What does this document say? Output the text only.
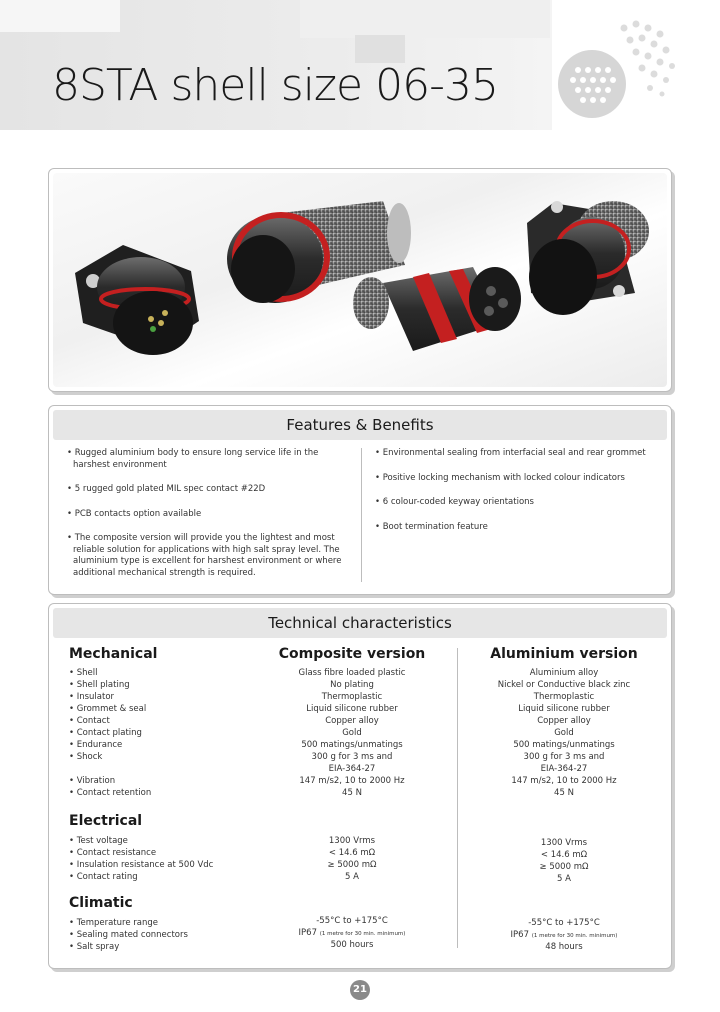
8STA shell size 06-35
Features & Benefits

• Rugged aluminium body to ensure long service life in the harshest environment

• 5 rugged gold plated MIL spec contact #22D

• PCB contacts option available

• The composite version will provide you the lightest and most reliable solution for applications with high salt spray level. The aluminium type is excellent for harshest environment or where additional mechanical strength is required.

• Environmental sealing from interfacial seal and rear grommet

• Positive locking mechanism with locked colour indicators

• 6 colour-coded keyway orientations

• Boot termination feature

Technical characteristics
Mechanical	Composite version	Aluminium version
• Shell
• Shell plating
• Insulator
• Grommet & seal
• Contact
• Contact plating
• Endurance
• Shock
• Vibration
• Contact retention
Glass fibre loaded plastic
No plating
Thermoplastic
Liquid silicone rubber
Copper alloy
Gold
500 matings/unmatings
300 g for 3 ms and
EIA-364-27
147 m/s2, 10 to 2000 Hz
45 N
Aluminium alloy
Nickel or Conductive black zinc
Thermoplastic
Liquid silicone rubber
Copper alloy
Gold
500 matings/unmatings
300 g for 3 ms and
EIA-364-27
147 m/s2, 10 to 2000 Hz
45 N
Electrical
• Test voltage
• Contact resistance
• Insulation resistance at 500 Vdc
• Contact rating
1300 Vrms
< 14.6 mΩ
≥ 5000 mΩ
5 A
1300 Vrms
< 14.6 mΩ
≥ 5000 mΩ
5 A
Climatic
• Temperature range
• Sealing mated connectors
• Salt spray
-55°C to +175°C
IP67 (1 metre for 30 min. minimum)
500 hours
-55°C to +175°C
IP67 (1 metre for 30 min. minimum)
48 hours
21
